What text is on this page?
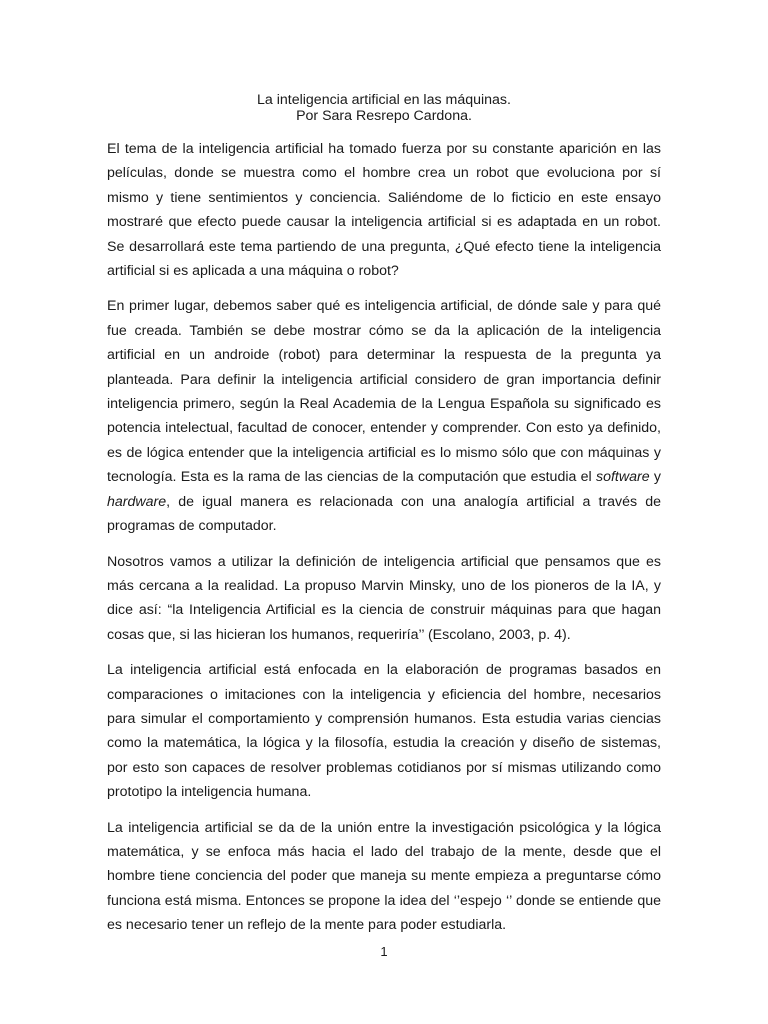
La inteligencia artificial en las máquinas.
Por Sara Resrepo Cardona.

El tema de la inteligencia artificial ha tomado fuerza por su constante aparición en las películas, donde se muestra como el hombre crea un robot que evoluciona por sí mismo y tiene sentimientos y conciencia. Saliéndome de lo ficticio en este ensayo mostraré que efecto puede causar la inteligencia artificial si es adaptada en un robot. Se desarrollará este tema partiendo de una pregunta, ¿Qué efecto tiene la inteligencia artificial si es aplicada a una máquina o robot?

En primer lugar, debemos saber qué es inteligencia artificial, de dónde sale y para qué fue creada. También se debe mostrar cómo se da la aplicación de la inteligencia artificial en un androide (robot) para determinar la respuesta de la pregunta ya planteada. Para definir la inteligencia artificial considero de gran importancia definir inteligencia primero, según la Real Academia de la Lengua Española su significado es potencia intelectual, facultad de conocer, entender y comprender. Con esto ya definido, es de lógica entender que la inteligencia artificial es lo mismo sólo que con máquinas y tecnología. Esta es la rama de las ciencias de la computación que estudia el software y hardware, de igual manera es relacionada con una analogía artificial a través de programas de computador.

Nosotros vamos a utilizar la definición de inteligencia artificial que pensamos que es más cercana a la realidad. La propuso Marvin Minsky, uno de los pioneros de la IA, y dice así: “la Inteligencia Artificial es la ciencia de construir máquinas para que hagan cosas que, si las hicieran los humanos, requeriría’’ (Escolano, 2003, p. 4).

La inteligencia artificial está enfocada en la elaboración de programas basados en comparaciones o imitaciones con la inteligencia y eficiencia del hombre, necesarios para simular el comportamiento y comprensión humanos. Esta estudia varias ciencias como la matemática, la lógica y la filosofía, estudia la creación y diseño de sistemas, por esto son capaces de resolver problemas cotidianos por sí mismas utilizando como prototipo la inteligencia humana.

La inteligencia artificial se da de la unión entre la investigación psicológica y la lógica matemática, y se enfoca más hacia el lado del trabajo de la mente, desde que el hombre tiene conciencia del poder que maneja su mente empieza a preguntarse cómo funciona está misma. Entonces se propone la idea del ‘’espejo ‘’ donde se entiende que es necesario tener un reflejo de la mente para poder estudiarla.

1
